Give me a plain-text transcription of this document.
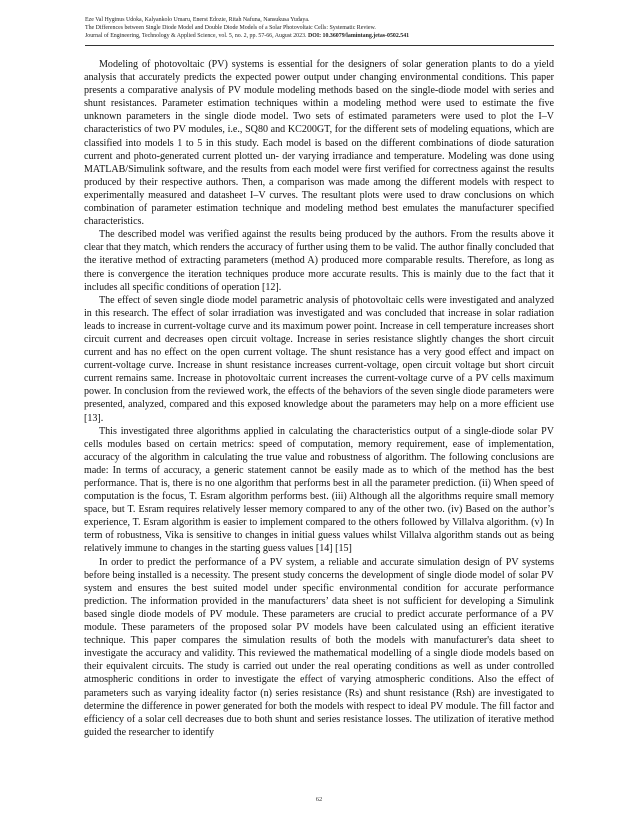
Eze Val Hyginus Udoka, Kalyankolo Umaru, Enerst Edozie, Ritah Nafuna, Nansukusa Yudaya.
The Differences between Single Diode Model and Double Diode Models of a Solar Photovoltaic Cells: Systematic Review.
Journal of Engineering, Technology & Applied Science, vol. 5, no. 2, pp. 57-66, August 2023. DOI: 10.36079/lamintang.jetas-0502.541

Modeling of photovoltaic (PV) systems is essential for the designers of solar generation plants to do a yield analysis that accurately predicts the expected power output under changing environmental conditions. This paper presents a comparative analysis of PV module modeling methods based on the single-diode model with series and shunt resistances. Parameter estimation techniques within a modeling method were used to estimate the five unknown parameters in the single diode model. Two sets of estimated parameters were used to plot the I–V characteristics of two PV modules, i.e., SQ80 and KC200GT, for the different sets of modeling equations, which are classified into models 1 to 5 in this study. Each model is based on the different combinations of diode saturation current and photo-generated current plotted un- der varying irradiance and temperature. Modeling was done using MATLAB/Simulink software, and the results from each model were first verified for correctness against the results produced by their respective authors. Then, a comparison was made among the different models with respect to experimentally measured and datasheet I–V curves. The resultant plots were used to draw conclusions on which combination of parameter estimation technique and modeling method best emulates the manufacturer specified characteristics.

The described model was verified against the results being produced by the authors. From the results above it clear that they match, which renders the accuracy of further using them to be valid. The author finally concluded that the iterative method of extracting parameters (method A) produced more comparable results. Therefore, as long as there is convergence the iteration techniques produce more accurate results. This is mainly due to the fact that it includes all specific conditions of operation [12].

The effect of seven single diode model parametric analysis of photovoltaic cells were investigated and analyzed in this research. The effect of solar irradiation was investigated and was concluded that increase in solar radiation leads to increase in current-voltage curve and its maximum power point. Increase in cell temperature increases short circuit current and decreases open circuit voltage. Increase in series resistance slightly changes the short circuit current and has no effect on the open current voltage. The shunt resistance has a very good effect and impact on current-voltage curve. Increase in shunt resistance increases current-voltage, open circuit voltage but short circuit current remains same. Increase in photovoltaic current increases the current-voltage curve of a PV cells maximum power. In conclusion from the reviewed work, the effects of the behaviors of the seven single diode parameters were presented, analyzed, compared and this exposed knowledge about the parameters may help on a more efficient use [13].

This investigated three algorithms applied in calculating the characteristics output of a single-diode solar PV cells modules based on certain metrics: speed of computation, memory requirement, ease of implementation, accuracy of the algorithm in calculating the true value and robustness of algorithm. The following conclusions are made: In terms of accuracy, a generic statement cannot be easily made as to which of the method has the best performance. That is, there is no one algorithm that performs best in all the parameter prediction. (ii) When speed of computation is the focus, T. Esram algorithm performs best. (iii) Although all the algorithms require small memory space, but T. Esram requires relatively lesser memory compared to any of the other two. (iv) Based on the author’s experience, T. Esram algorithm is easier to implement compared to the others followed by Villalva algorithm. (v) In term of robustness, Vika is sensitive to changes in initial guess values whilst Villalva algorithm stands out as being relatively immune to changes in the starting guess values [14] [15]

In order to predict the performance of a PV system, a reliable and accurate simulation design of PV systems before being installed is a necessity. The present study concerns the development of single diode model of solar PV system and ensures the best suited model under specific environmental condition for accurate performance prediction. The information provided in the manufacturers’ data sheet is not sufficient for developing a Simulink based single diode models of PV module. These parameters are crucial to predict accurate performance of a PV module. These parameters of the proposed solar PV models have been calculated using an efficient iterative technique. This paper compares the simulation results of both the models with manufacturer's data sheet to investigate the accuracy and validity. This reviewed the mathematical modelling of a single diode models based on their equivalent circuits. The study is carried out under the real operating conditions as well as under controlled atmospheric conditions in order to investigate the effect of varying atmospheric conditions. Also the effect of parameters such as varying ideality factor (n) series resistance (Rs) and shunt resistance (Rsh) are investigated to determine the difference in power generated for both the models with respect to ideal PV module. The fill factor and efficiency of a solar cell decreases due to both shunt and series resistance losses. The utilization of iterative method guided the researcher to identify

62
